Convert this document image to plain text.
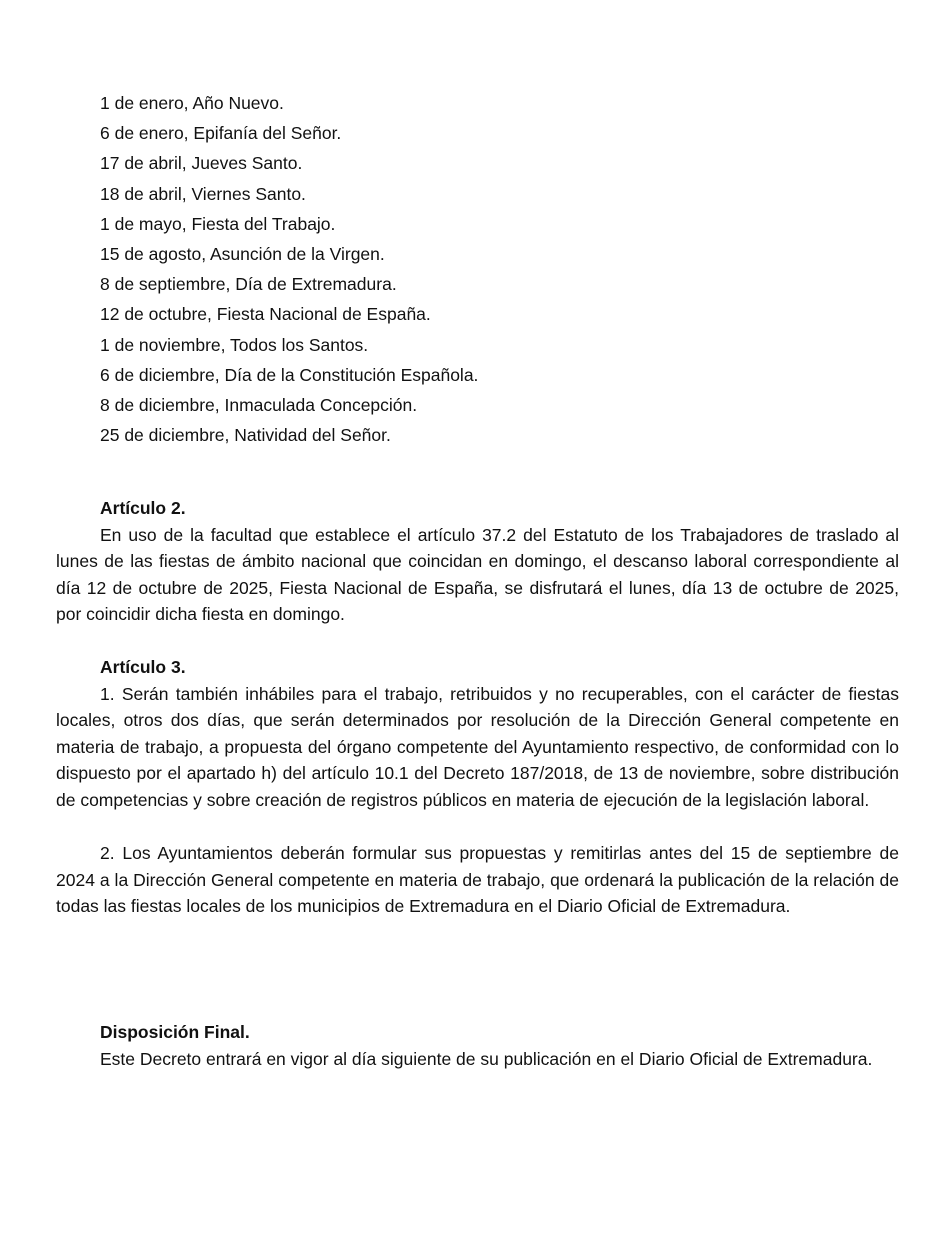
1 de enero, Año Nuevo.
6 de enero, Epifanía del Señor.
17 de abril, Jueves Santo.
18 de abril, Viernes Santo.
1 de mayo, Fiesta del Trabajo.
15 de agosto, Asunción de la Virgen.
8 de septiembre, Día de Extremadura.
12 de octubre, Fiesta Nacional de España.
1 de noviembre, Todos los Santos.
6 de diciembre, Día de la Constitución Española.
8 de diciembre, Inmaculada Concepción.
25 de diciembre, Natividad del Señor.

Artículo 2.

En uso de la facultad que establece el artículo 37.2 del Estatuto de los Trabajadores de traslado al lunes de las fiestas de ámbito nacional que coincidan en domingo, el descanso laboral correspondiente al día 12 de octubre de 2025, Fiesta Nacional de España, se disfrutará el lunes, día 13 de octubre de 2025, por coincidir dicha fiesta en domingo.

Artículo 3.

1. Serán también inhábiles para el trabajo, retribuidos y no recuperables, con el carácter de fiestas locales, otros dos días, que serán determinados por resolución de la Dirección General competente en materia de trabajo, a propuesta del órgano competente del Ayuntamiento respectivo, de conformidad con lo dispuesto por el apartado h) del artículo 10.1 del Decreto 187/2018, de 13 de noviembre, sobre distribución de competencias y sobre creación de registros públicos en materia de ejecución de la legislación laboral.

2. Los Ayuntamientos deberán formular sus propuestas y remitirlas antes del 15 de septiembre de 2024 a la Dirección General competente en materia de trabajo, que ordenará la publicación de la relación de todas las fiestas locales de los municipios de Extremadura en el Diario Oficial de Extremadura.

Disposición Final.

Este Decreto entrará en vigor al día siguiente de su publicación en el Diario Oficial de Extremadura.
